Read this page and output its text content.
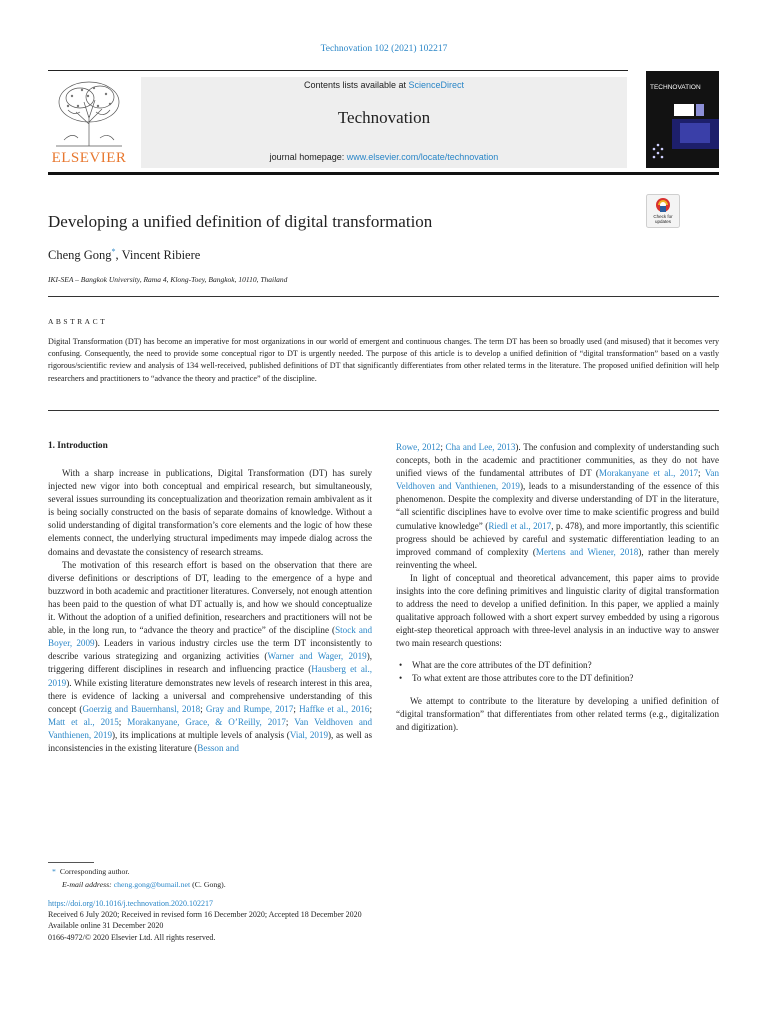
Technovation 102 (2021) 102217
ELSEVIER
Contents lists available at ScienceDirect
Technovation
journal homepage: www.elsevier.com/locate/technovation
TECHNOVATION
Developing a unified definition of digital transformation	Check for updates
Cheng Gong*, Vincent Ribiere
IKI-SEA – Bangkok University, Rama 4, Klong-Toey, Bangkok, 10110, Thailand
ABSTRACT
Digital Transformation (DT) has become an imperative for most organizations in our world of emergent and continuous changes. The term DT has been so broadly used (and misused) that it becomes very confusing. Consequently, the need to provide some conceptual rigor to DT is urgently needed. The purpose of this article is to develop a unified definition of “digital transformation” based on a vastly rigorous/scientific review and analysis of 134 well-received, published definitions of DT that significantly differentiates from other related terms in the literature. The proposed unified definition will help researchers and practitioners to “advance the theory and practice” of the discipline.
1. Introduction

With a sharp increase in publications, Digital Transformation (DT) has surely injected new vigor into both conceptual and empirical research, but simultaneously, several issues surrounding its conceptualization and theorization remain ambivalent as it is being socially constructed on the basis of separate domains of knowledge. Without a solid understanding of digital transformation’s core elements and the logic of how these elements connect, the underlying structural impediments may impede dialog across the domains and devastate the consistency of research streams.

The motivation of this research effort is based on the observation that there are diverse definitions or descriptions of DT, leading to the emergence of a hype and buzzword in both academic and practitioner literatures. Conversely, not enough attention has been paid to the question of what DT actually is, and how we should conceptualize it. Without the adoption of a unified definition, researchers and practitioners will not be able, in the long run, to “advance the theory and practice” of the discipline (Stock and Boyer, 2009). Leaders in various industry circles use the term DT inconsistently to describe various strategizing and organizing activities (Warner and Wager, 2019), triggering different disciplines in research and influencing practice (Hausberg et al., 2019). While existing literature demonstrates new levels of research interest in this area, there is evidence of lacking a universal and comprehensive understanding of this concept (Goerzig and Bauernhansl, 2018; Gray and Rumpe, 2017; Haffke et al., 2016; Matt et al., 2015; Morakanyane, Grace, & O’Reilly, 2017; Van Veldhoven and Vanthienen, 2019), its implications at multiple levels of analysis (Vial, 2019), as well as inconsistencies in the existing literature (Besson and

Rowe, 2012; Cha and Lee, 2013). The confusion and complexity of understanding such concepts, both in the academic and practitioner communities, as they do not have unified views of the fundamental attributes of DT (Morakanyane et al., 2017; Van Veldhoven and Vanthienen, 2019), leads to a misunderstanding of the essence of this phenomenon. Despite the complexity and diverse understanding of DT in the literature, “all scientific disciplines have to evolve over time to make scientific progress and build cumulative knowledge” (Riedl et al., 2017, p. 478), and more importantly, this scientific progress should be achieved by careful and systematic differentiation leading to an improved command of complexity (Mertens and Wiener, 2018), rather than merely reinventing the wheel.

In light of conceptual and theoretical advancement, this paper aims to provide insights into the core defining primitives and linguistic clarity of digital transformation to address the need to develop a unified definition. In this paper, we applied a mainly qualitative approach followed with a short expert survey embedded by using a rigorous eight-step theoretical approach with three-level analysis in an inductive way to answer two main research questions:

• What are the core attributes of the DT definition?
• To what extent are those attributes core to the DT definition?

We attempt to contribute to the literature by developing a unified definition of “digital transformation” that differentiates from other related terms (e.g., digitalization and digitization).

* Corresponding author.
E-mail address: cheng.gong@bumail.net (C. Gong).
https://doi.org/10.1016/j.technovation.2020.102217
Received 6 July 2020; Received in revised form 16 December 2020; Accepted 18 December 2020
Available online 31 December 2020
0166-4972/© 2020 Elsevier Ltd. All rights reserved.
